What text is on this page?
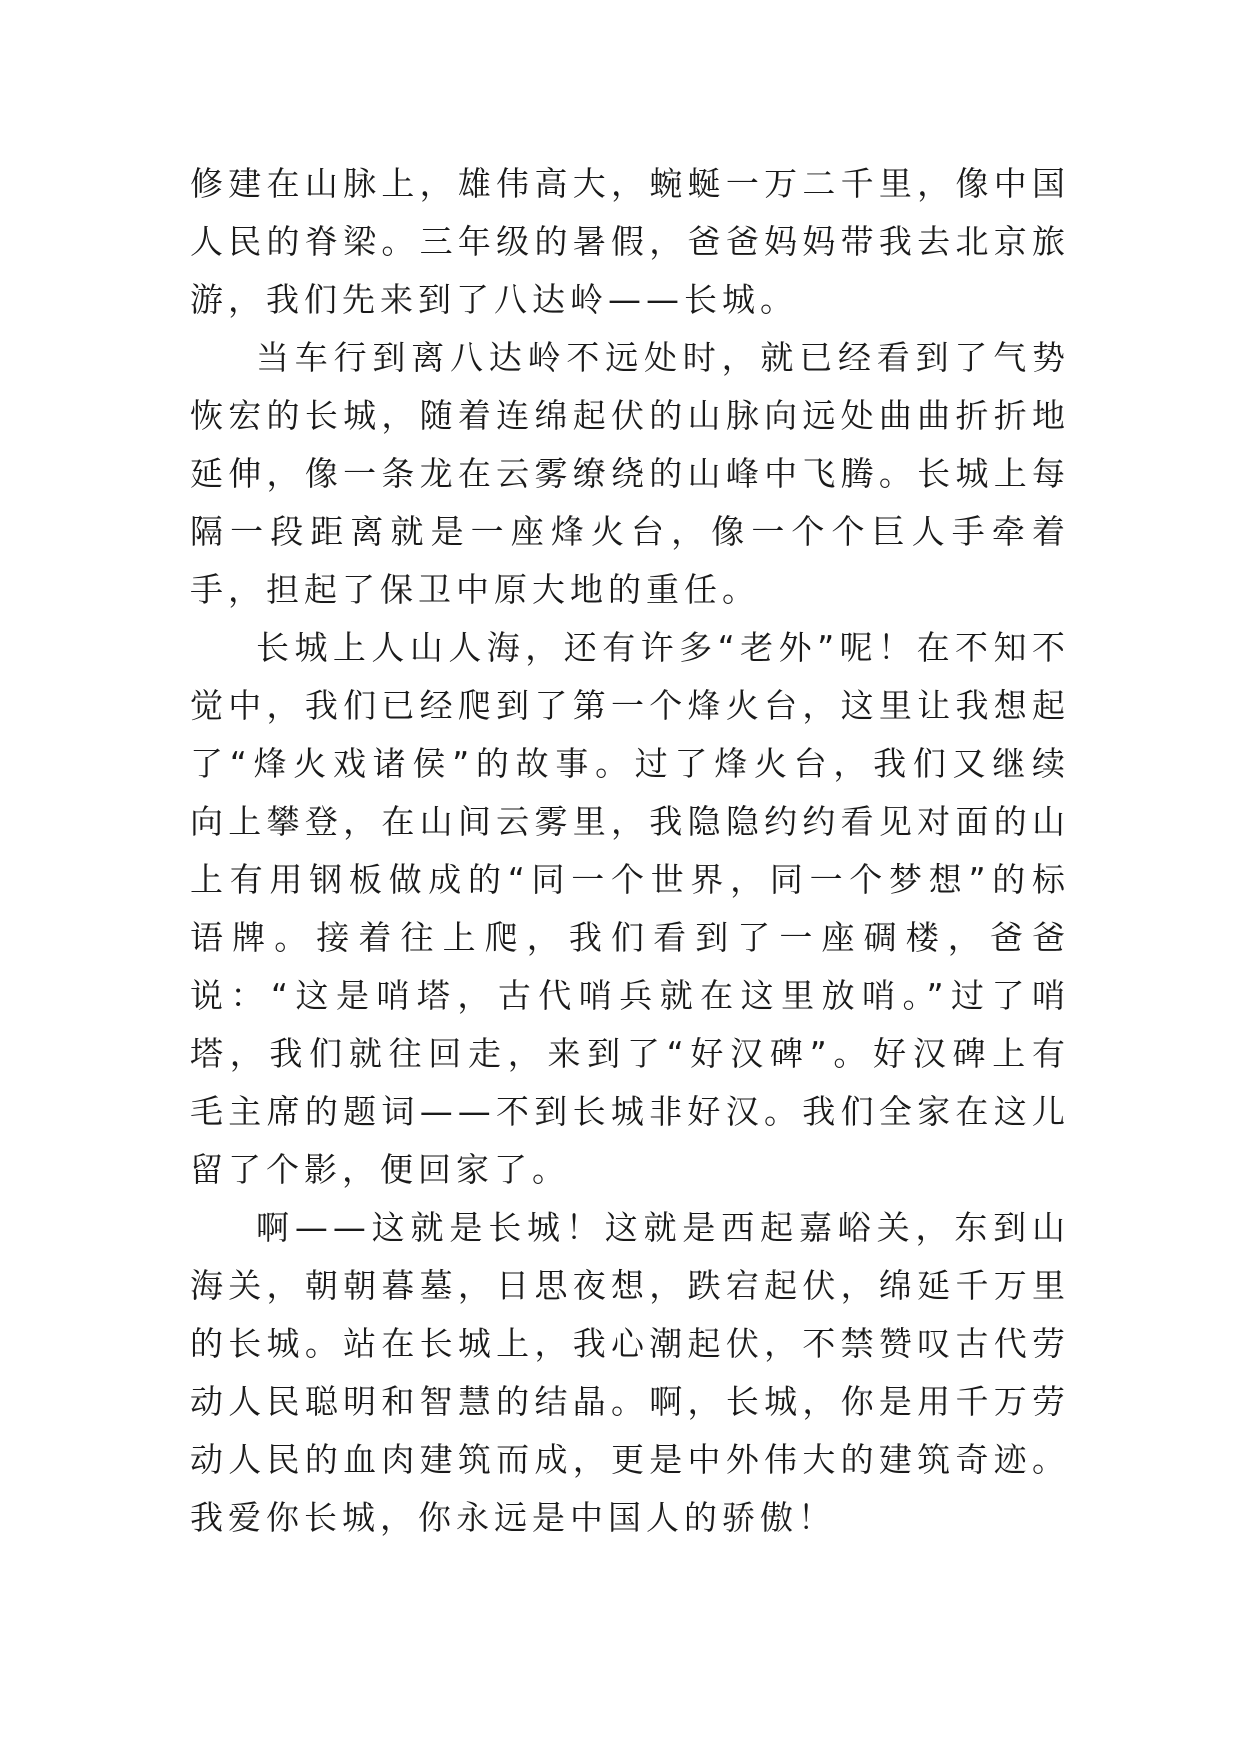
修建在山脉上，雄伟高大，蜿蜒一万二千里，像中国人民的脊梁。三年级的暑假，爸爸妈妈带我去北京旅游，我们先来到了八达岭——长城。

当车行到离八达岭不远处时，就已经看到了气势恢宏的长城，随着连绵起伏的山脉向远处曲曲折折地延伸，像一条龙在云雾缭绕的山峰中飞腾。长城上每隔一段距离就是一座烽火台，像一个个巨人手牵着手，担起了保卫中原大地的重任。

长城上人山人海，还有许多“老外”呢！在不知不觉中，我们已经爬到了第一个烽火台，这里让我想起了“烽火戏诸侯”的故事。过了烽火台，我们又继续向上攀登，在山间云雾里，我隐隐约约看见对面的山上有用钢板做成的“同一个世界，同一个梦想”的标语牌。接着往上爬，我们看到了一座碉楼，爸爸说：“这是哨塔，古代哨兵就在这里放哨。”过了哨塔，我们就往回走，来到了“好汉碑”。好汉碑上有毛主席的题词——不到长城非好汉。我们全家在这儿留了个影，便回家了。

啊——这就是长城！这就是西起嘉峪关，东到山海关，朝朝暮墓，日思夜想，跌宕起伏，绵延千万里的长城。站在长城上，我心潮起伏，不禁赞叹古代劳动人民聪明和智慧的结晶。啊，长城，你是用千万劳动人民的血肉建筑而成，更是中外伟大的建筑奇迹。我爱你长城，你永远是中国人的骄傲！
